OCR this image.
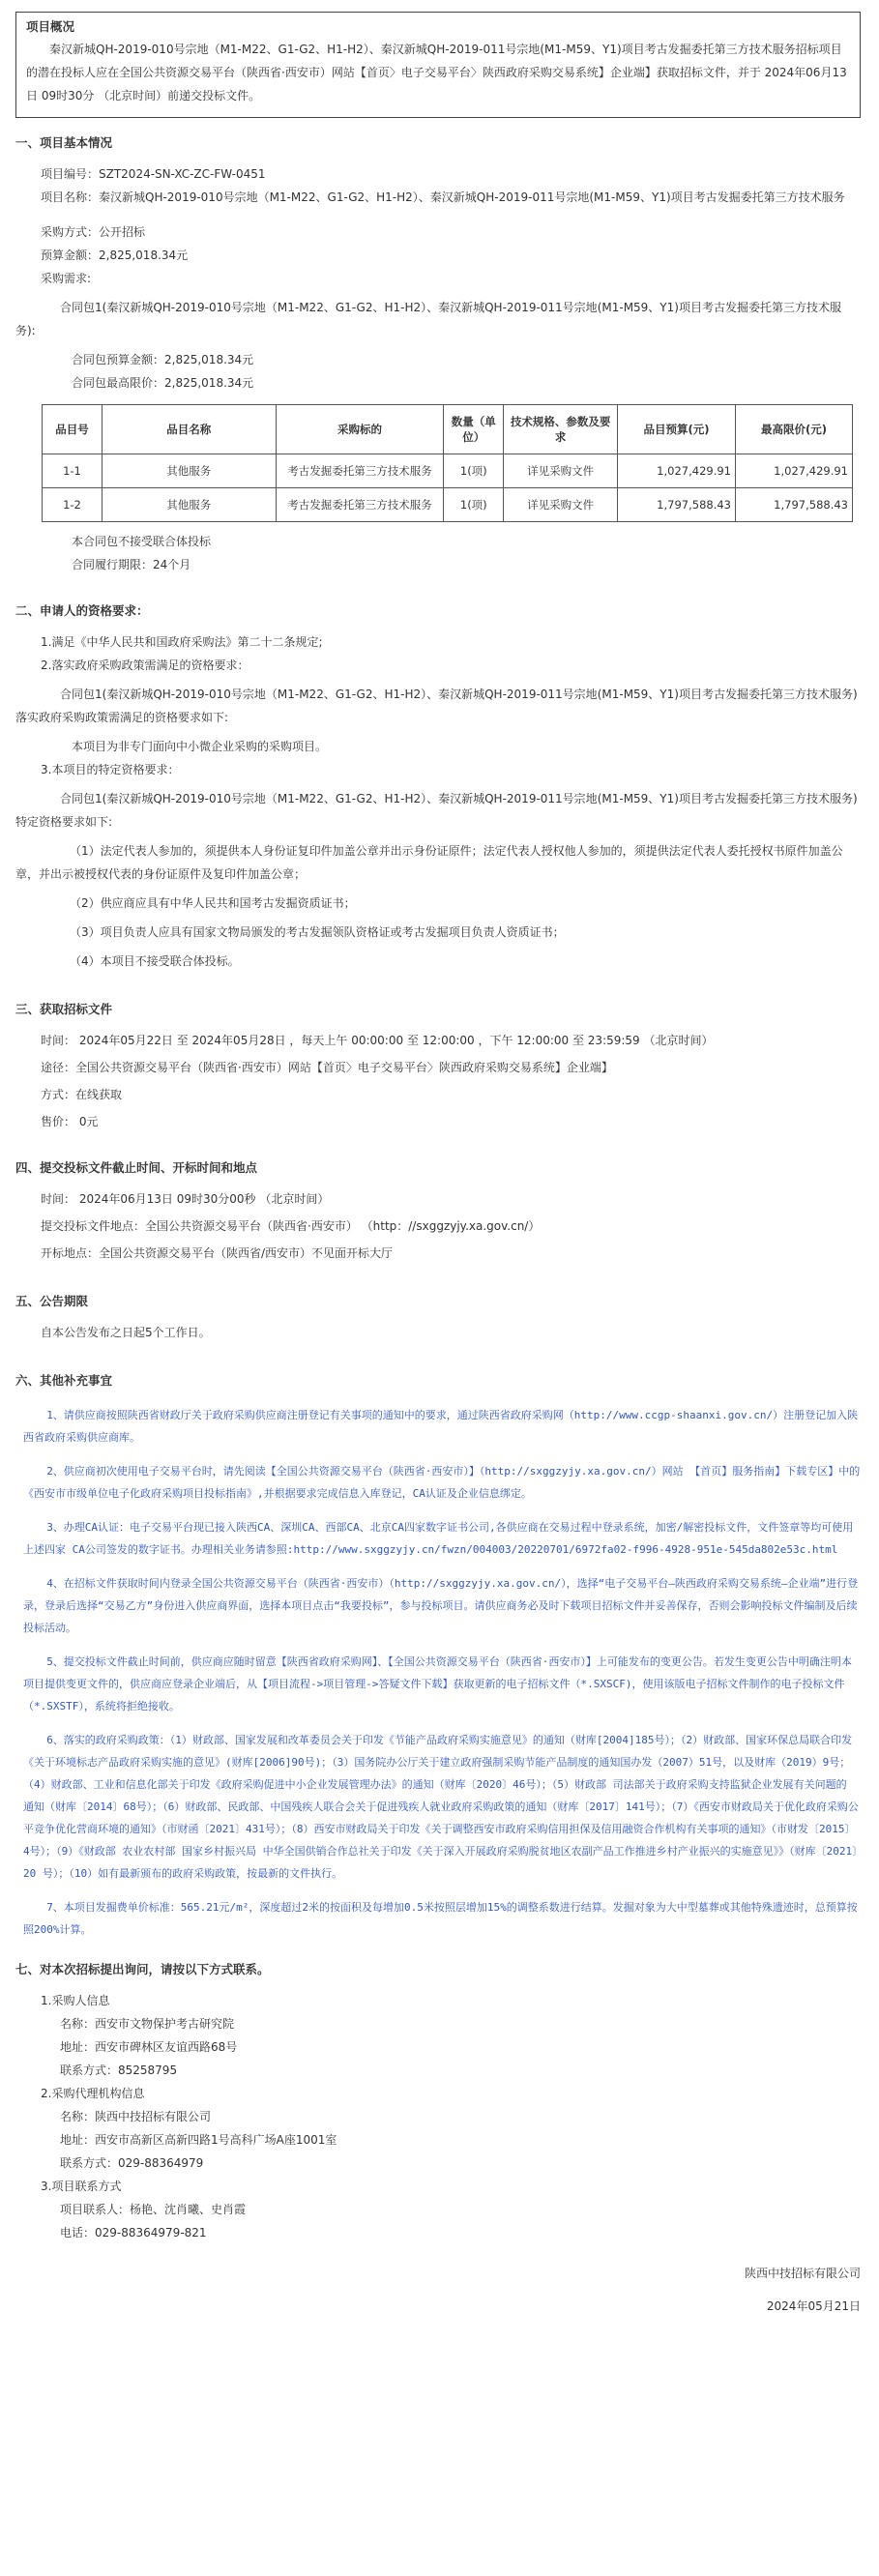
项目概况

秦汉新城QH-2019-010号宗地（M1-M22、G1-G2、H1-H2）、秦汉新城QH-2019-011号宗地(M1-M59、Y1)项目考古发掘委托第三方技术服务招标项目的潜在投标人应在全国公共资源交易平台（陕西省·西安市）网站【首页〉电子交易平台〉陕西政府采购交易系统】企业端】获取招标文件，并于 2024年06月13日 09时30分 （北京时间）前递交投标文件。

一、项目基本情况

项目编号：SZT2024-SN-XC-ZC-FW-0451

项目名称：秦汉新城QH-2019-010号宗地（M1-M22、G1-G2、H1-H2）、秦汉新城QH-2019-011号宗地(M1-M59、Y1)项目考古发掘委托第三方技术服务

采购方式：公开招标

预算金额：2,825,018.34元

采购需求:

合同包1(秦汉新城QH-2019-010号宗地（M1-M22、G1-G2、H1-H2）、秦汉新城QH-2019-011号宗地(M1-M59、Y1)项目考古发掘委托第三方技术服务):

合同包预算金额：2,825,018.34元

合同包最高限价：2,825,018.34元

品目号	品目名称	采购标的	数量（单位）	技术规格、参数及要求	品目预算(元)	最高限价(元)
1-1	其他服务	考古发掘委托第三方技术服务	1(项)	详见采购文件	1,027,429.91	1,027,429.91
1-2	其他服务	考古发掘委托第三方技术服务	1(项)	详见采购文件	1,797,588.43	1,797,588.43

本合同包不接受联合体投标

合同履行期限：24个月

二、申请人的资格要求：

1.满足《中华人民共和国政府采购法》第二十二条规定;

2.落实政府采购政策需满足的资格要求：

合同包1(秦汉新城QH-2019-010号宗地（M1-M22、G1-G2、H1-H2）、秦汉新城QH-2019-011号宗地(M1-M59、Y1)项目考古发掘委托第三方技术服务)落实政府采购政策需满足的资格要求如下:

本项目为非专门面向中小微企业采购的采购项目。

3.本项目的特定资格要求：

合同包1(秦汉新城QH-2019-010号宗地（M1-M22、G1-G2、H1-H2）、秦汉新城QH-2019-011号宗地(M1-M59、Y1)项目考古发掘委托第三方技术服务)特定资格要求如下:

（1）法定代表人参加的，须提供本人身份证复印件加盖公章并出示身份证原件；法定代表人授权他人参加的，须提供法定代表人委托授权书原件加盖公章，并出示被授权代表的身份证原件及复印件加盖公章；

（2）供应商应具有中华人民共和国考古发掘资质证书；

（3）项目负责人应具有国家文物局颁发的考古发掘领队资格证或考古发掘项目负责人资质证书；

（4）本项目不接受联合体投标。

三、获取招标文件

时间： 2024年05月22日 至 2024年05月28日 ，每天上午 00:00:00 至 12:00:00 ，下午 12:00:00 至 23:59:59 （北京时间）

途径：全国公共资源交易平台（陕西省·西安市）网站【首页〉电子交易平台〉陕西政府采购交易系统】企业端】

方式：在线获取

售价： 0元

四、提交投标文件截止时间、开标时间和地点

时间： 2024年06月13日 09时30分00秒 （北京时间）

提交投标文件地点：全国公共资源交易平台（陕西省·西安市） （http：//sxggzyjy.xa.gov.cn/）

开标地点：全国公共资源交易平台（陕西省/西安市）不见面开标大厅

五、公告期限

自本公告发布之日起5个工作日。

六、其他补充事宜

1、请供应商按照陕西省财政厅关于政府采购供应商注册登记有关事项的通知中的要求，通过陕西省政府采购网（http://www.ccgp-shaanxi.gov.cn/）注册登记加入陕西省政府采购供应商库。

2、供应商初次使用电子交易平台时，请先阅读【全国公共资源交易平台（陕西省·西安市）】（http://sxggzyjy.xa.gov.cn/）网站 【首页】服务指南】下载专区】中的 《西安市市级单位电子化政府采购项目投标指南》,并根据要求完成信息入库登记，CA认证及企业信息绑定。

3、办理CA认证：电子交易平台现已接入陕西CA、深圳CA、西部CA、北京CA四家数字证书公司,各供应商在交易过程中登录系统，加密/解密投标文件，文件签章等均可使用上述四家 CA公司签发的数字证书。办理相关业务请参照:http://www.sxggzyjy.cn/fwzn/004003/20220701/6972fa02-f996-4928-951e-545da802e53c.html

4、在招标文件获取时间内登录全国公共资源交易平台（陕西省·西安市）（http://sxggzyjy.xa.gov.cn/），选择“电子交易平台—陕西政府采购交易系统—企业端”进行登录，登录后选择“交易乙方”身份进入供应商界面，选择本项目点击“我要投标”，参与投标项目。请供应商务必及时下载项目招标文件并妥善保存，否则会影响投标文件编制及后续投标活动。

5、提交投标文件截止时间前，供应商应随时留意【陕西省政府采购网】、【全国公共资源交易平台（陕西省·西安市）】上可能发布的变更公告。若发生变更公告中明确注明本项目提供变更文件的，供应商应登录企业端后，从【项目流程->项目管理->答疑文件下载】获取更新的电子招标文件（*.SXSCF)，使用该版电子招标文件制作的电子投标文件（*.SXSTF），系统将拒绝接收。

6、落实的政府采购政策：（1）财政部、国家发展和改革委员会关于印发《节能产品政府采购实施意见》的通知（财库[2004]185号）；（2）财政部、国家环保总局联合印发《关于环境标志产品政府采购实施的意见》(财库[2006]90号)；（3）国务院办公厅关于建立政府强制采购节能产品制度的通知国办发（2007）51号，以及财库（2019）9号；（4）财政部、工业和信息化部关于印发《政府采购促进中小企业发展管理办法》的通知（财库〔2020〕46号）；（5）财政部 司法部关于政府采购支持监狱企业发展有关问题的 通知（财库〔2014〕68号）；（6）财政部、民政部、中国残疾人联合会关于促进残疾人就业政府采购政策的通知（财库〔2017〕141号）；（7）《西安市财政局关于优化政府采购公平竞争优化营商环境的通知》（市财函〔2021〕431号）；（8）西安市财政局关于印发《关于调整西安市政府采购信用担保及信用融资合作机构有关事项的通知》（市财发〔2015〕4号）；（9）《财政部 农业农村部 国家乡村振兴局 中华全国供销合作总社关于印发《关于深入开展政府采购脱贫地区农副产品工作推进乡村产业振兴的实施意见》》（财库〔2021〕20 号）；（10）如有最新颁布的政府采购政策，按最新的文件执行。

7、本项目发掘费单价标准：565.21元/m²，深度超过2米的按面积及每增加0.5米按照层增加15%的调整系数进行结算。发掘对象为大中型墓葬或其他特殊遗迹时，总预算按照200%计算。

七、对本次招标提出询问，请按以下方式联系。

1.采购人信息

名称：西安市文物保护考古研究院

地址：西安市碑林区友谊西路68号

联系方式：85258795

2.采购代理机构信息

名称：陕西中技招标有限公司

地址：西安市高新区高新四路1号高科广场A座1001室

联系方式：029-88364979

3.项目联系方式

项目联系人：杨艳、沈肖曦、史肖霞

电话：029-88364979-821

陕西中技招标有限公司

2024年05月21日
